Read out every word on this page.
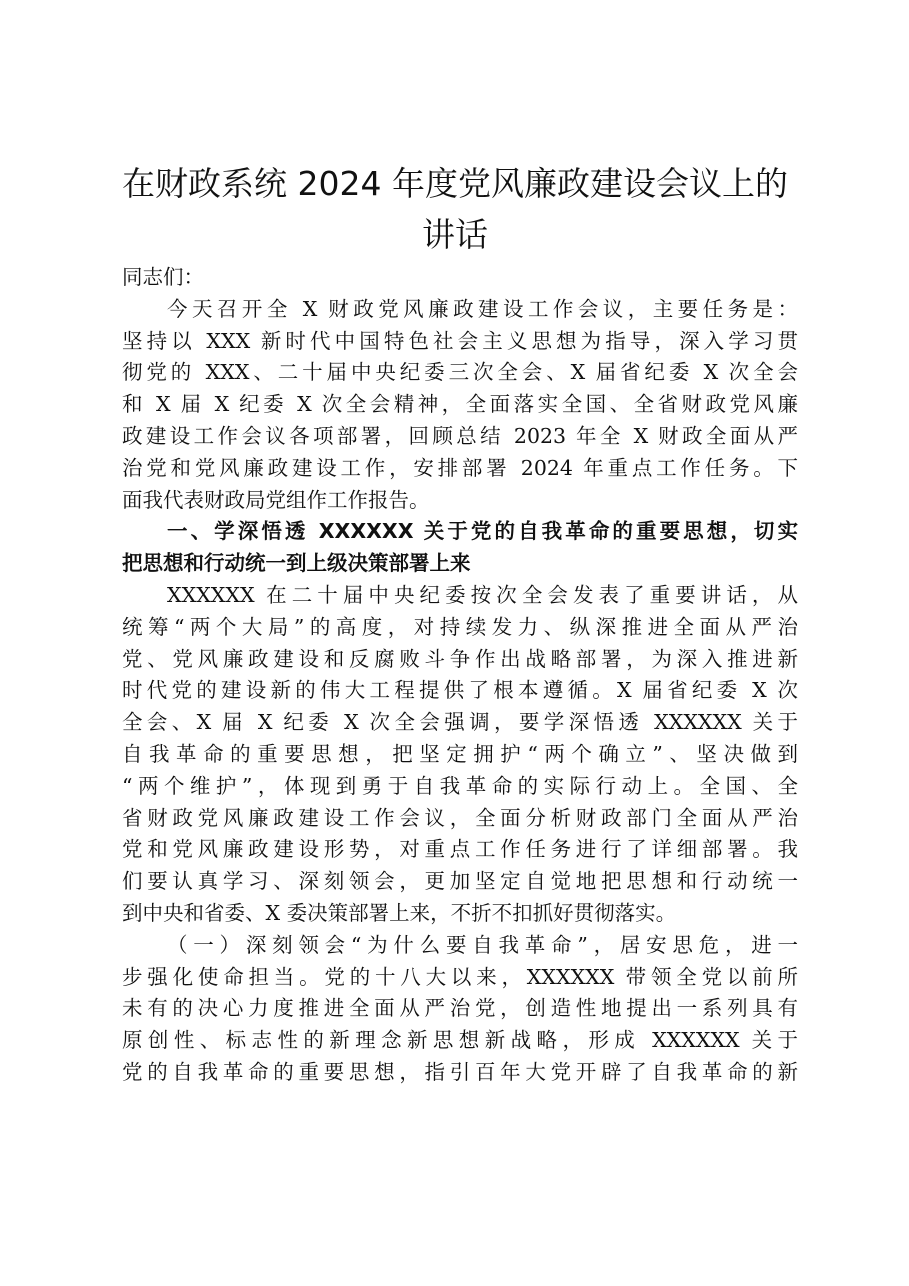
在财政系统 2024 年度党风廉政建设会议上的
讲话
同志们：
今天召开全 X 财政党风廉政建设工作会议，主要任务是：
坚持以 XXX 新时代中国特色社会主义思想为指导，深入学习贯
彻党的 XXX、二十届中央纪委三次全会、X 届省纪委 X 次全会
和 X 届 X 纪委 X 次全会精神，全面落实全国、全省财政党风廉
政建设工作会议各项部署，回顾总结 2023 年全 X 财政全面从严
治党和党风廉政建设工作，安排部署 2024 年重点工作任务。下
面我代表财政局党组作工作报告。
一、学深悟透 XXXXXX 关于党的自我革命的重要思想，切实
把思想和行动统一到上级决策部署上来
XXXXXX 在二十届中央纪委按次全会发表了重要讲话，从
统筹“两个大局”的高度，对持续发力、纵深推进全面从严治
党、党风廉政建设和反腐败斗争作出战略部署，为深入推进新
时代党的建设新的伟大工程提供了根本遵循。X 届省纪委 X 次
全会、X 届 X 纪委 X 次全会强调，要学深悟透 XXXXXX 关于
自我革命的重要思想，把坚定拥护“两个确立”、坚决做到
“两个维护”，体现到勇于自我革命的实际行动上。全国、全
省财政党风廉政建设工作会议，全面分析财政部门全面从严治
党和党风廉政建设形势，对重点工作任务进行了详细部署。我
们要认真学习、深刻领会，更加坚定自觉地把思想和行动统一
到中央和省委、X 委决策部署上来，不折不扣抓好贯彻落实。
（一）深刻领会“为什么要自我革命”，居安思危，进一
步强化使命担当。党的十八大以来，XXXXXX 带领全党以前所
未有的决心力度推进全面从严治党，创造性地提出一系列具有
原创性、标志性的新理念新思想新战略，形成 XXXXXX 关于
党的自我革命的重要思想，指引百年大党开辟了自我革命的新
